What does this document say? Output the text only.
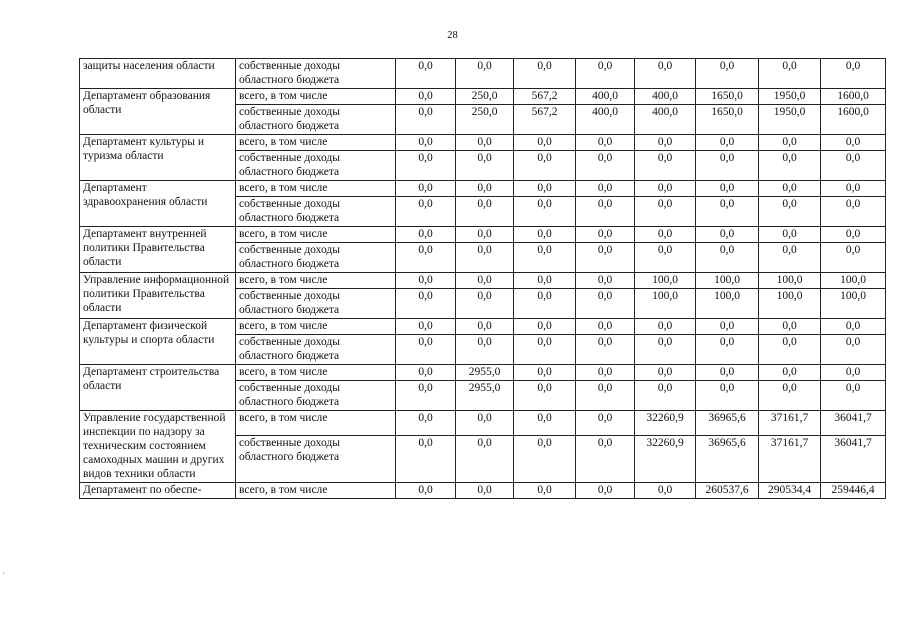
28
защиты населения области	собственные доходы областного бюджета	0,0	0,0	0,0	0,0	0,0	0,0	0,0	0,0
Департамент образования области	всего, в том числе	0,0	250,0	567,2	400,0	400,0	1650,0	1950,0	1600,0
	собственные доходы областного бюджета	0,0	250,0	567,2	400,0	400,0	1650,0	1950,0	1600,0
Департамент культуры и туризма области	всего, в том числе	0,0	0,0	0,0	0,0	0,0	0,0	0,0	0,0
	собственные доходы областного бюджета	0,0	0,0	0,0	0,0	0,0	0,0	0,0	0,0
Департамент здравоохранения области	всего, в том числе	0,0	0,0	0,0	0,0	0,0	0,0	0,0	0,0
	собственные доходы областного бюджета	0,0	0,0	0,0	0,0	0,0	0,0	0,0	0,0
Департамент внутренней политики Правительства области	всего, в том числе	0,0	0,0	0,0	0,0	0,0	0,0	0,0	0,0
	собственные доходы областного бюджета	0,0	0,0	0,0	0,0	0,0	0,0	0,0	0,0
Управление информационной политики Правительства области	всего, в том числе	0,0	0,0	0,0	0,0	100,0	100,0	100,0	100,0
	собственные доходы областного бюджета	0,0	0,0	0,0	0,0	100,0	100,0	100,0	100,0
Департамент физической культуры и спорта области	всего, в том числе	0,0	0,0	0,0	0,0	0,0	0,0	0,0	0,0
	собственные доходы областного бюджета	0,0	0,0	0,0	0,0	0,0	0,0	0,0	0,0
Департамент строительства области	всего, в том числе	0,0	2955,0	0,0	0,0	0,0	0,0	0,0	0,0
	собственные доходы областного бюджета	0,0	2955,0	0,0	0,0	0,0	0,0	0,0	0,0
Управление государственной инспекции по надзору за техническим состоянием самоходных машин и других видов техники области	всего, в том числе	0,0	0,0	0,0	0,0	32260,9	36965,6	37161,7	36041,7
	собственные доходы областного бюджета	0,0	0,0	0,0	0,0	32260,9	36965,6	37161,7	36041,7
Департамент по обеспе-	всего, в том числе	0,0	0,0	0,0	0,0	0,0	260537,6	290534,4	259446,4
·
